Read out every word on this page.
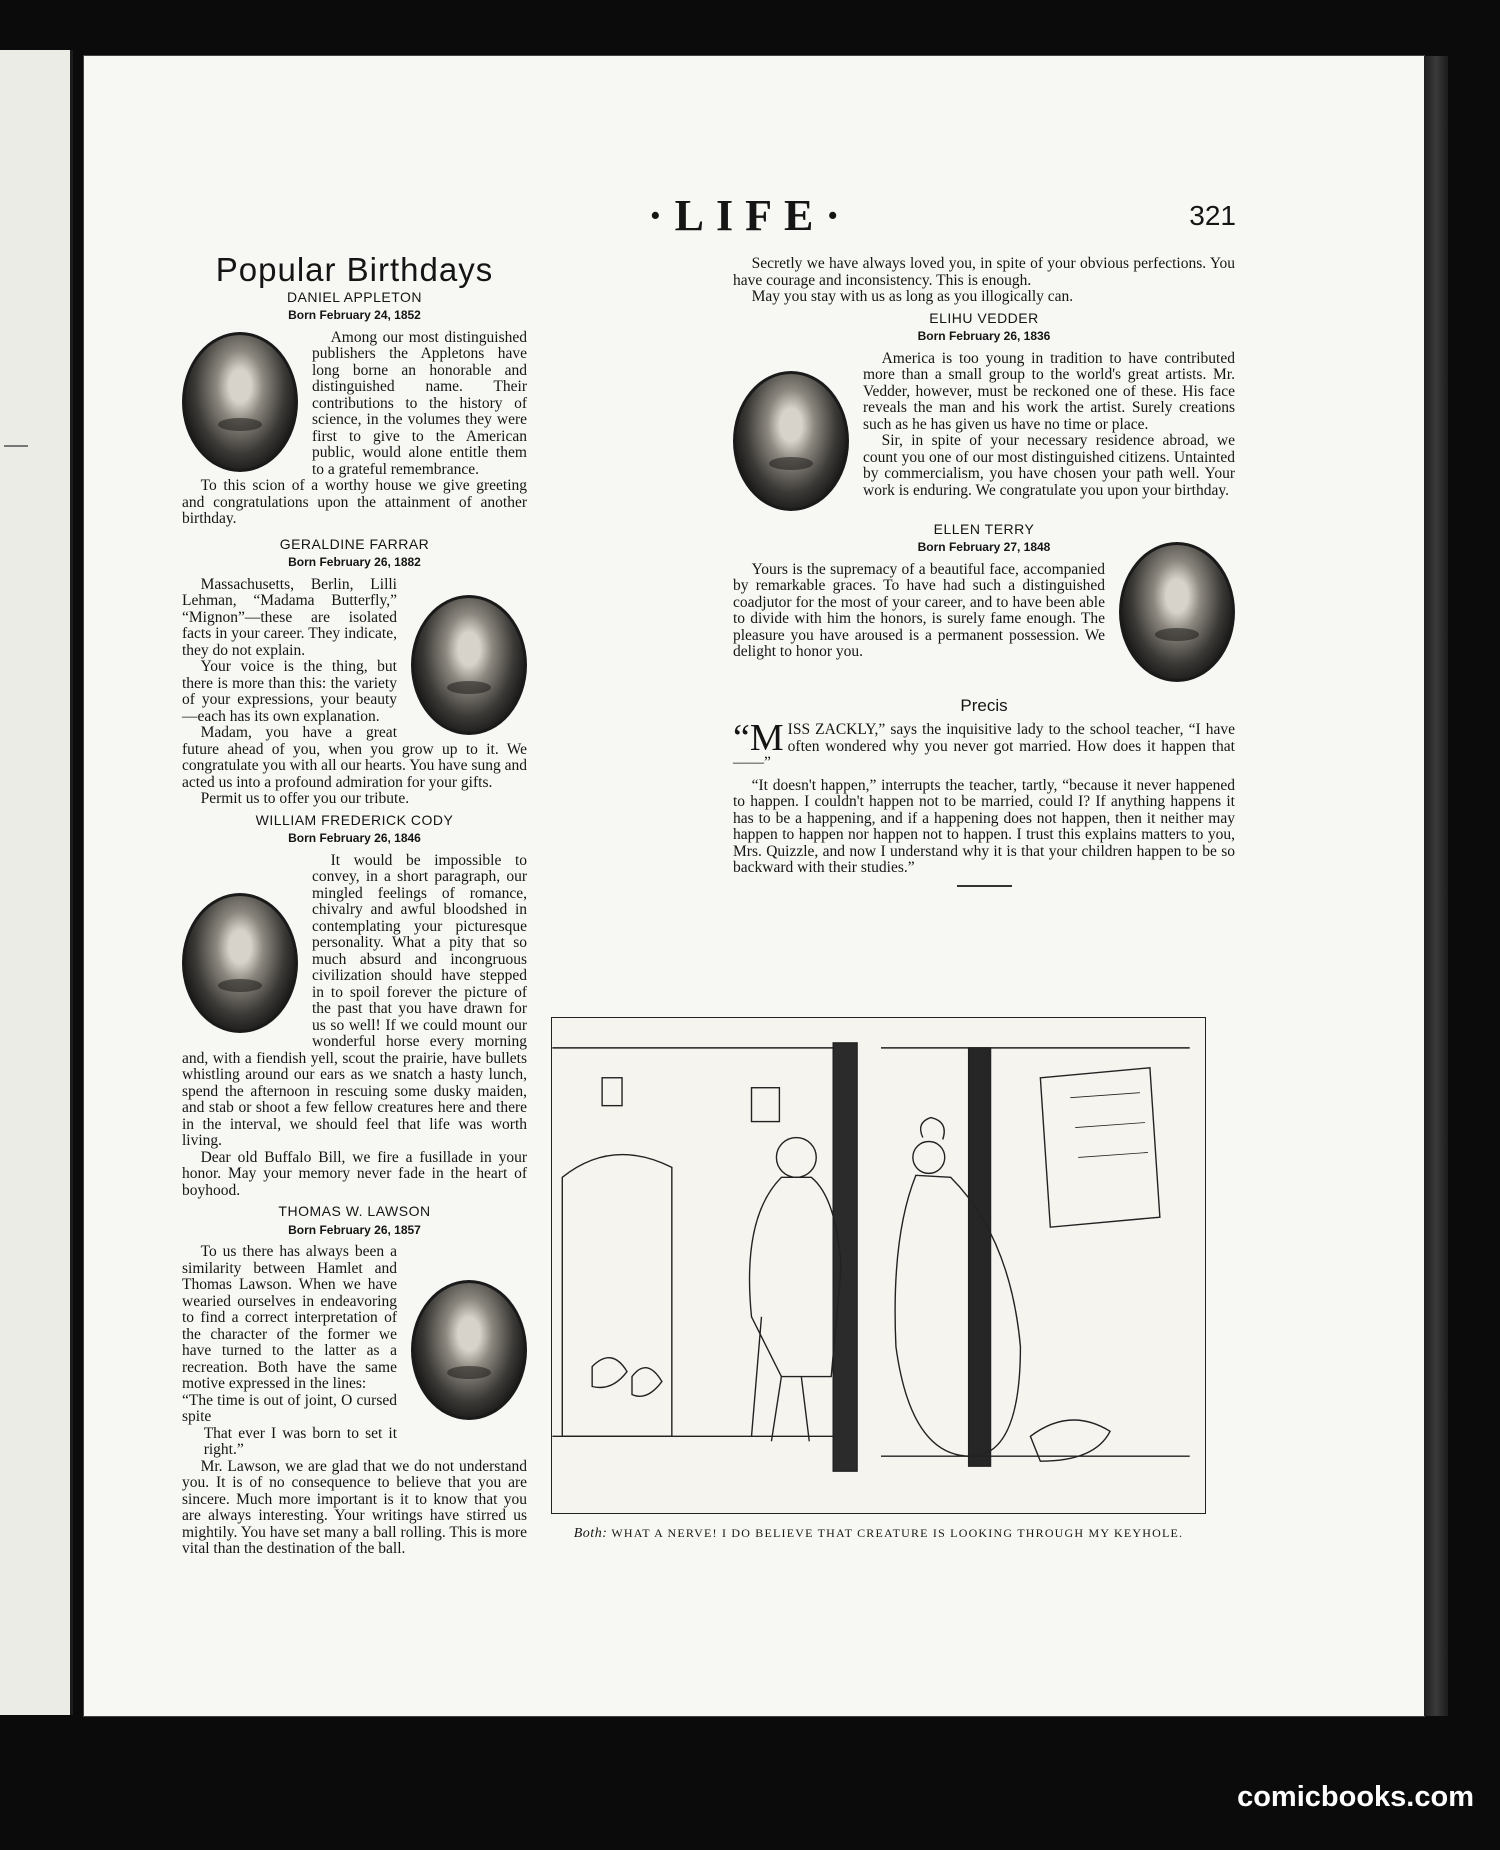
·LIFE·	321
Popular Birthdays
DANIEL APPLETON
Born February 24, 1852

Among our most distinguished publishers the Appletons have long borne an honorable and distinguished name. Their contributions to the history of science, in the volumes they were first to give to the American public, would alone entitle them to a grateful remembrance.

To this scion of a worthy house we give greeting and congratulations upon the attainment of another birthday.

GERALDINE FARRAR
Born February 26, 1882

Massachusetts, Berlin, Lilli Lehman, “Madama Butterfly,” “Mignon”—these are isolated facts in your career. They indicate, they do not explain.

Your voice is the thing, but there is more than this: the variety of your expressions, your beauty—each has its own explanation.

Madam, you have a great future ahead of you, when you grow up to it. We congratulate you with all our hearts. You have sung and acted us into a profound admiration for your gifts.

Permit us to offer you our tribute.

WILLIAM FREDERICK CODY
Born February 26, 1846

It would be impossible to convey, in a short paragraph, our mingled feelings of romance, chivalry and awful bloodshed in contemplating your picturesque personality. What a pity that so much absurd and incongruous civilization should have stepped in to spoil forever the picture of the past that you have drawn for us so well! If we could mount our wonderful horse every morning and, with a fiendish yell, scout the prairie, have bullets whistling around our ears as we snatch a hasty lunch, spend the afternoon in rescuing some dusky maiden, and stab or shoot a few fellow creatures here and there in the interval, we should feel that life was worth living.

Dear old Buffalo Bill, we fire a fusillade in your honor. May your memory never fade in the heart of boyhood.

THOMAS W. LAWSON
Born February 26, 1857

To us there has always been a similarity between Hamlet and Thomas Lawson. When we have wearied ourselves in endeavoring to find a correct interpretation of the character of the former we have turned to the latter as a recreation. Both have the same motive expressed in the lines:

“The time is out of joint, O cursed spite

That ever I was born to set it right.”

Mr. Lawson, we are glad that we do not understand you. It is of no consequence to believe that you are sincere. Much more important is it to know that you are always interesting. Your writings have stirred us mightily. You have set many a ball rolling. This is more vital than the destination of the ball.

Secretly we have always loved you, in spite of your obvious perfections. You have courage and inconsistency. This is enough.

May you stay with us as long as you illogically can.

ELIHU VEDDER
Born February 26, 1836

America is too young in tradition to have contributed more than a small group to the world's great artists. Mr. Vedder, however, must be reckoned one of these. His face reveals the man and his work the artist. Surely creations such as he has given us have no time or place.

Sir, in spite of your necessary residence abroad, we count you one of our most distinguished citizens. Untainted by commercialism, you have chosen your path well. Your work is enduring. We congratulate you upon your birthday.

ELLEN TERRY
Born February 27, 1848

Yours is the supremacy of a beautiful face, accompanied by remarkable graces. To have had such a distinguished coadjutor for the most of your career, and to have been able to divide with him the honors, is surely fame enough. The pleasure you have aroused is a permanent possession. We delight to honor you.

Precis

“MISS ZACKLY,” says the inquisitive lady to the school teacher, “I have often wondered why you never got married. How does it happen that——”

“It doesn't happen,” interrupts the teacher, tartly, “because it never happened to happen. I couldn't happen not to be married, could I? If anything happens it has to be a happening, and if a happening does not happen, then it neither may happen to happen nor happen not to happen. I trust this explains matters to you, Mrs. Quizzle, and now I understand why it is that your children happen to be so backward with their studies.”

Both: WHAT A NERVE! I DO BELIEVE THAT CREATURE IS LOOKING THROUGH MY KEYHOLE.
comicbooks.com
